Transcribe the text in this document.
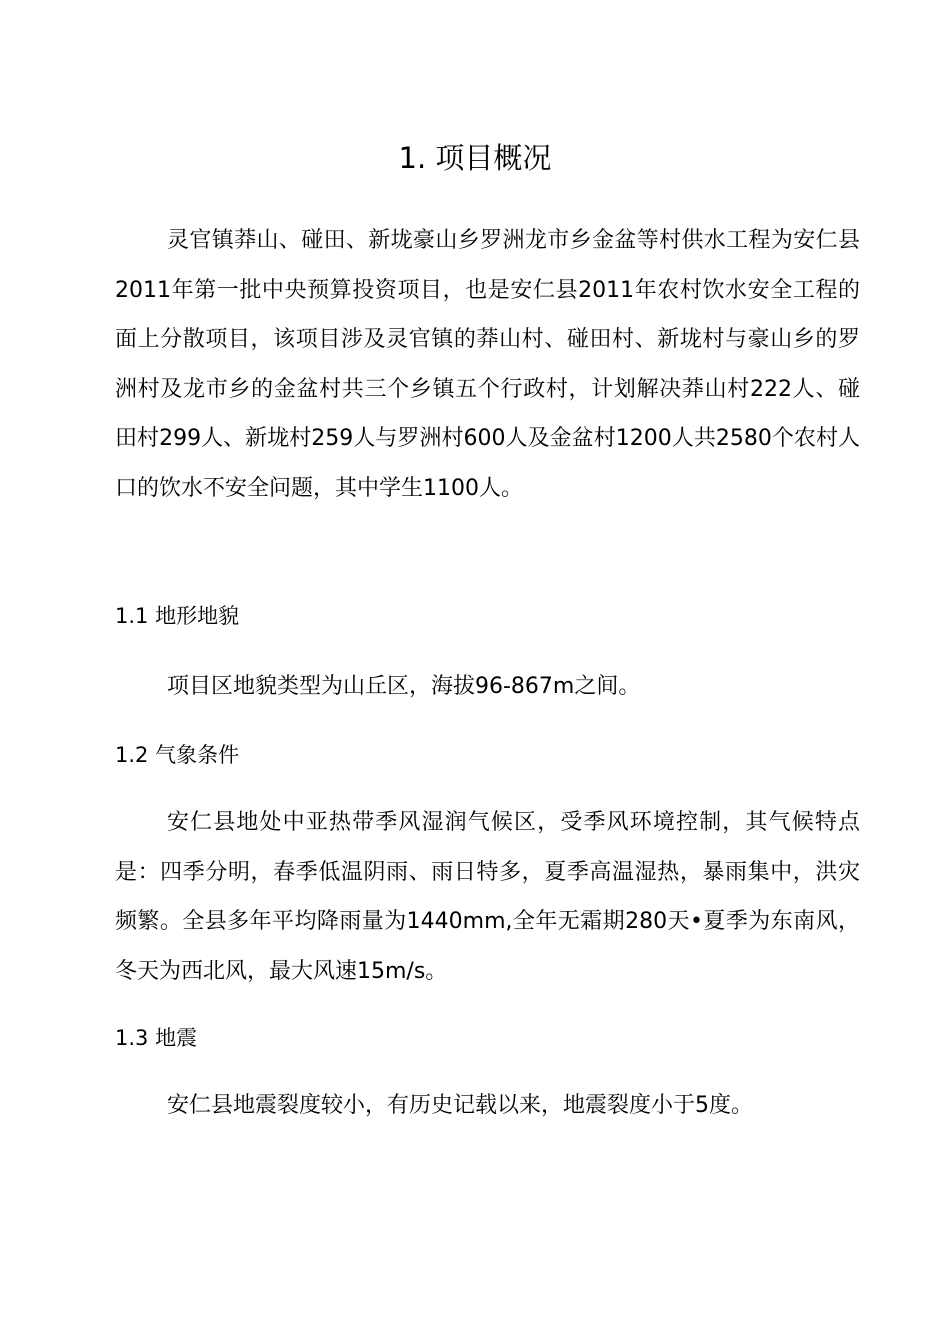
1. 项目概况

灵官镇莽山、碰田、新垅豪山乡罗洲龙市乡金盆等村供水工程为安仁县2011年第一批中央预算投资项目，也是安仁县2011年农村饮水安全工程的面上分散项目，该项目涉及灵官镇的莽山村、碰田村、新垅村与豪山乡的罗洲村及龙市乡的金盆村共三个乡镇五个行政村，计划解决莽山村222人、碰田村299人、新垅村259人与罗洲村600人及金盆村1200人共2580个农村人口的饮水不安全问题，其中学生1100人。

1.1 地形地貌

项目区地貌类型为山丘区，海拔96-867m之间。

1.2 气象条件

安仁县地处中亚热带季风湿润气候区，受季风环境控制，其气候特点是：四季分明，春季低温阴雨、雨日特多，夏季高温湿热，暴雨集中，洪灾频繁。全县多年平均降雨量为1440mm,全年无霜期280天•夏季为东南风，冬天为西北风，最大风速15m/s。

1.3 地震

安仁县地震裂度较小，有历史记载以来，地震裂度小于5度。
